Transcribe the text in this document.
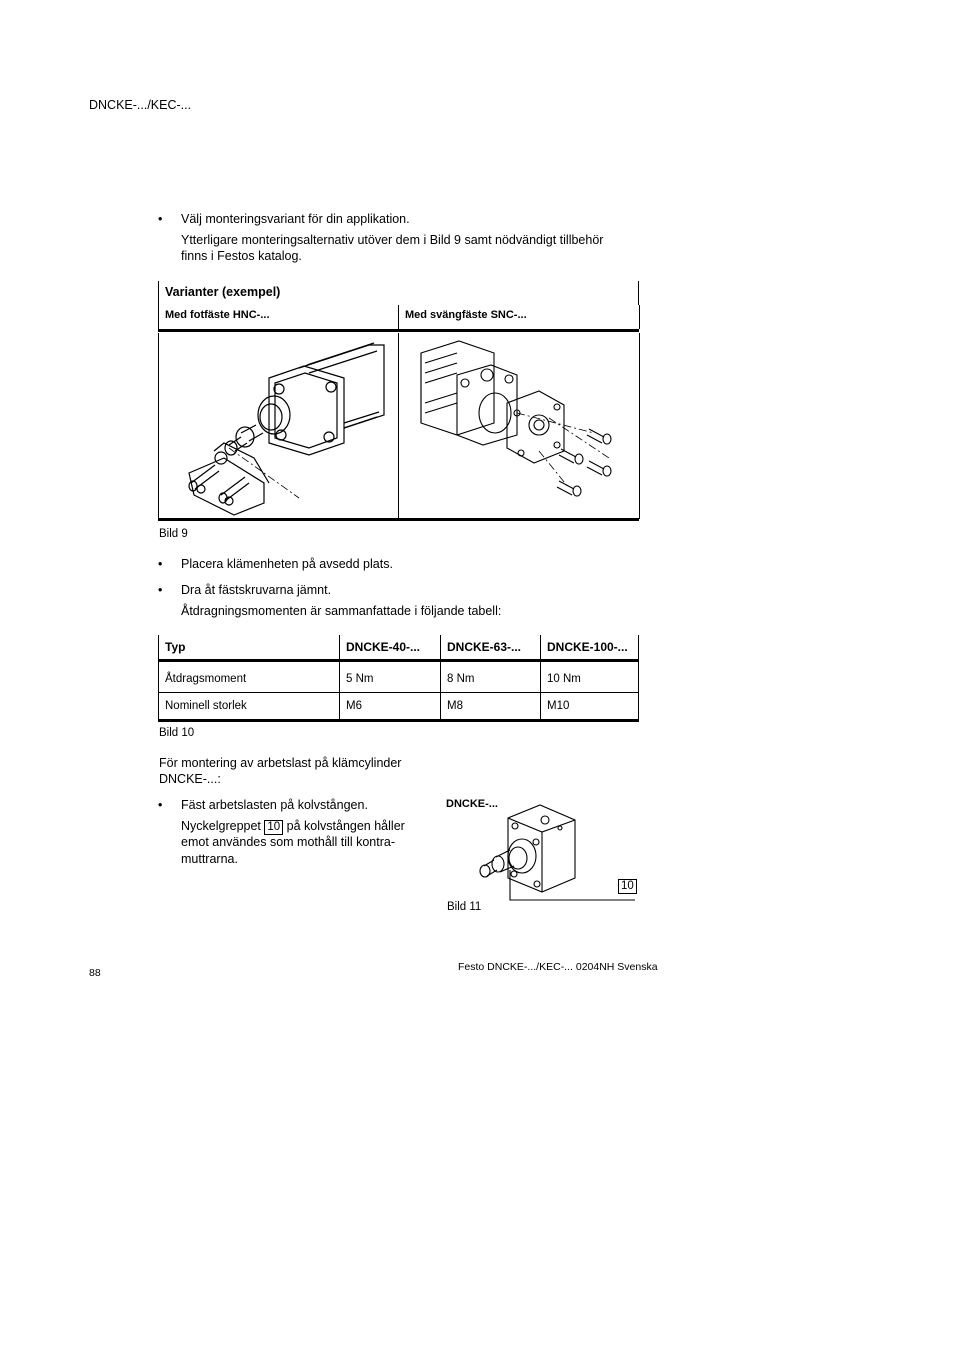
DNCKE-.../KEC-...
• Välj monteringsvariant för din applikation.
Ytterligare monteringsalternativ utöver dem i Bild 9 samt nödvändigt tillbehör
finns i Festos katalog.
Varianter (exempel)
Med fotfäste HNC-...	Med svängfäste SNC-...
Bild 9
• Placera klämenheten på avsedd plats.
• Dra åt fästskruvarna jämnt.
Åtdragningsmomenten är sammanfattade i följande tabell:
Typ	DNCKE-40-...	DNCKE-63-...	DNCKE-100-...

Åtdragsmoment	5 Nm	8 Nm	10 Nm
Nominell storlek	M6	M8	M10
Bild 10
För montering av arbetslast på klämcylinder
DNCKE-...:
• Fäst arbetslasten på kolvstången.
Nyckelgreppet 10 på kolvstången håller
emot användes som mothåll till kontra-
muttrarna.
DNCKE-...
10
Bild 11
88	Festo DNCKE-.../KEC-... 0204NH Svenska
